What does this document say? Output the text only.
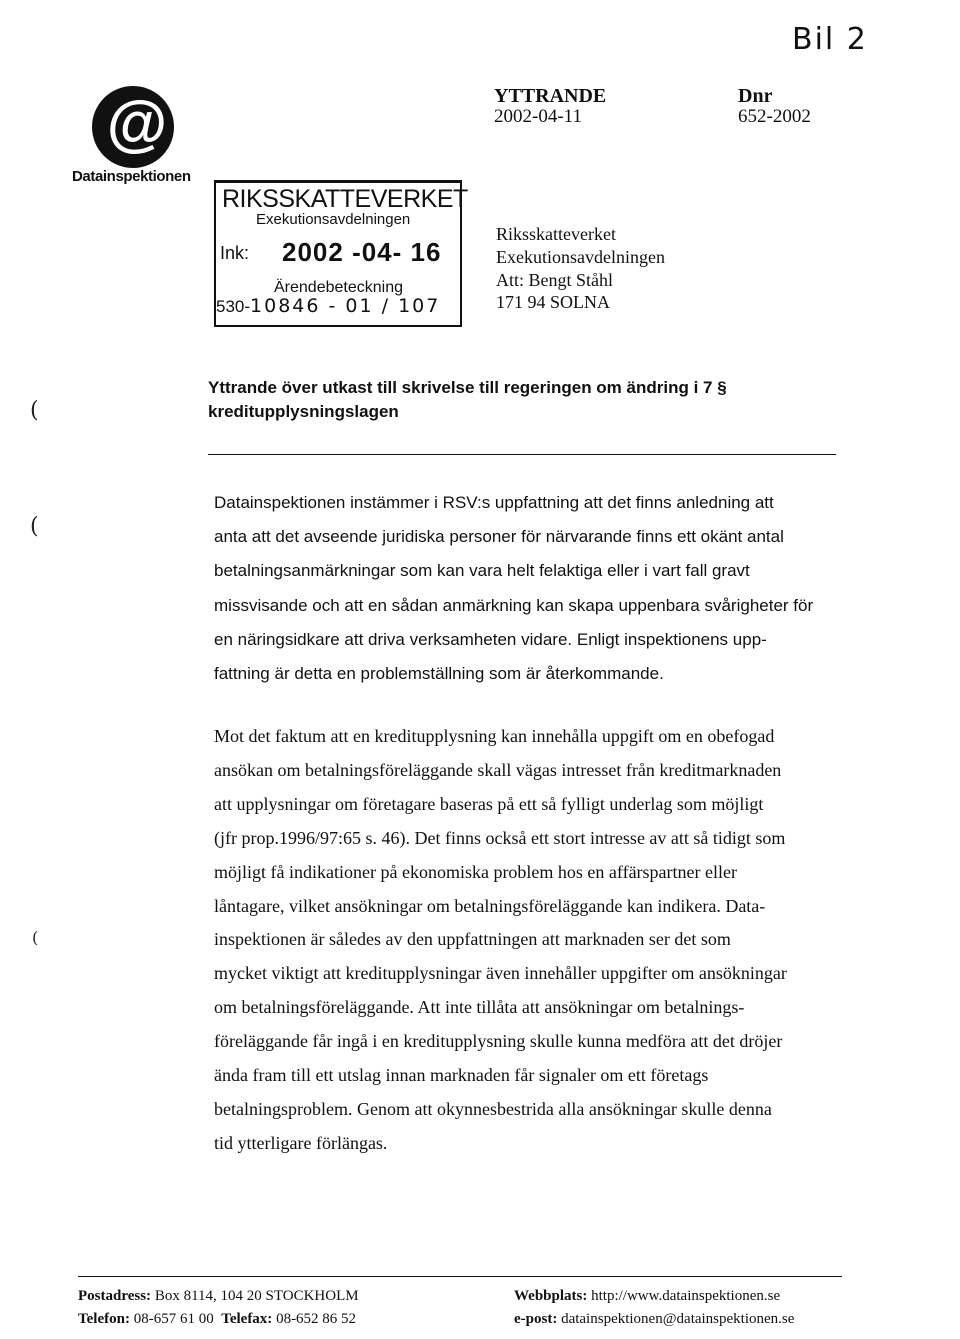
Bil 2
@
Datainspektionen
YTTRANDE
2002-04-11
Dnr
652-2002
RIKSSKATTEVERKET
Exekutionsavdelningen
Ink: 2002 -04- 16
Ärendebeteckning
530-10846 - 01 / 107
Riksskatteverket
Exekutionsavdelningen
Att: Bengt Ståhl
171 94 SOLNA
Yttrande över utkast till skrivelse till regeringen om ändring i 7 §
kreditupplysningslagen
(
(
(
Datainspektionen instämmer i RSV:s uppfattning att det finns anledning att
anta att det avseende juridiska personer för närvarande finns ett okänt antal
betalningsanmärkningar som kan vara helt felaktiga eller i vart fall gravt
missvisande och att en sådan anmärkning kan skapa uppenbara svårigheter för
en näringsidkare att driva verksamheten vidare. Enligt inspektionens upp-
fattning är detta en problemställning som är återkommande.
Mot det faktum att en kreditupplysning kan innehålla uppgift om en obefogad
ansökan om betalningsföreläggande skall vägas intresset från kreditmarknaden
att upplysningar om företagare baseras på ett så fylligt underlag som möjligt
(jfr prop.1996/97:65 s. 46). Det finns också ett stort intresse av att så tidigt som
möjligt få indikationer på ekonomiska problem hos en affärspartner eller
låntagare, vilket ansökningar om betalningsföreläggande kan indikera. Data-
inspektionen är således av den uppfattningen att marknaden ser det som
mycket viktigt att kreditupplysningar även innehåller uppgifter om ansökningar
om betalningsföreläggande. Att inte tillåta att ansökningar om betalnings-
föreläggande får ingå i en kreditupplysning skulle kunna medföra att det dröjer
ända fram till ett utslag innan marknaden får signaler om ett företags
betalningsproblem. Genom att okynnesbestrida alla ansökningar skulle denna
tid ytterligare förlängas.
Postadress: Box 8114, 104 20 STOCKHOLM
Telefon: 08-657 61 00 Telefax: 08-652 86 52
Webbplats: http://www.datainspektionen.se
e-post: datainspektionen@datainspektionen.se
